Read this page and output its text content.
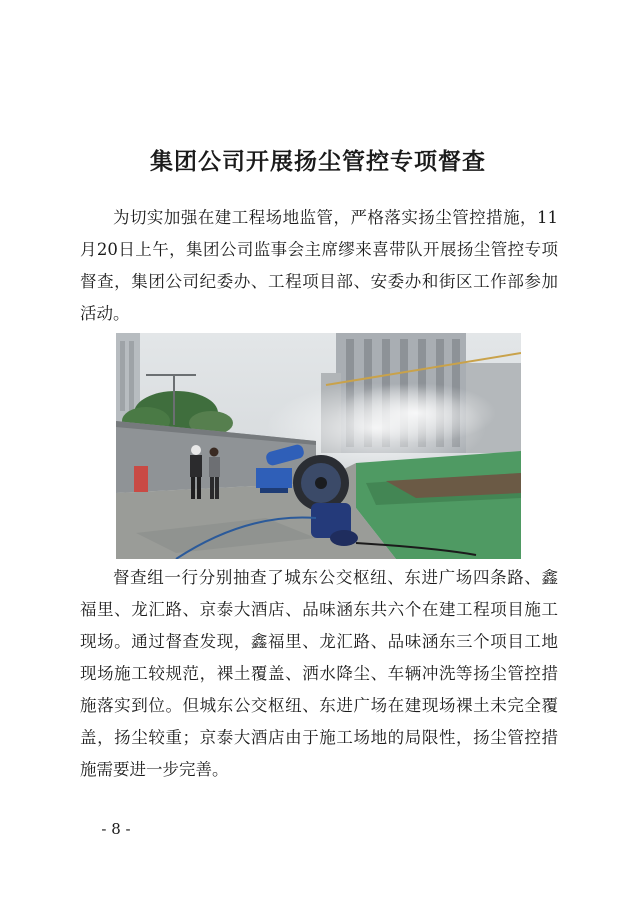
集团公司开展扬尘管控专项督查

为切实加强在建工程场地监管，严格落实扬尘管控措施，11月20日上午，集团公司监事会主席缪来喜带队开展扬尘管控专项督查，集团公司纪委办、工程项目部、安委办和街区工作部参加活动。

督查组一行分别抽查了城东公交枢纽、东进广场四条路、鑫福里、龙汇路、京泰大酒店、品味涵东共六个在建工程项目施工现场。通过督查发现，鑫福里、龙汇路、品味涵东三个项目工地现场施工较规范，裸土覆盖、洒水降尘、车辆冲洗等扬尘管控措施落实到位。但城东公交枢纽、东进广场在建现场裸土未完全覆盖，扬尘较重；京泰大酒店由于施工场地的局限性，扬尘管控措施需要进一步完善。

- 8 -
